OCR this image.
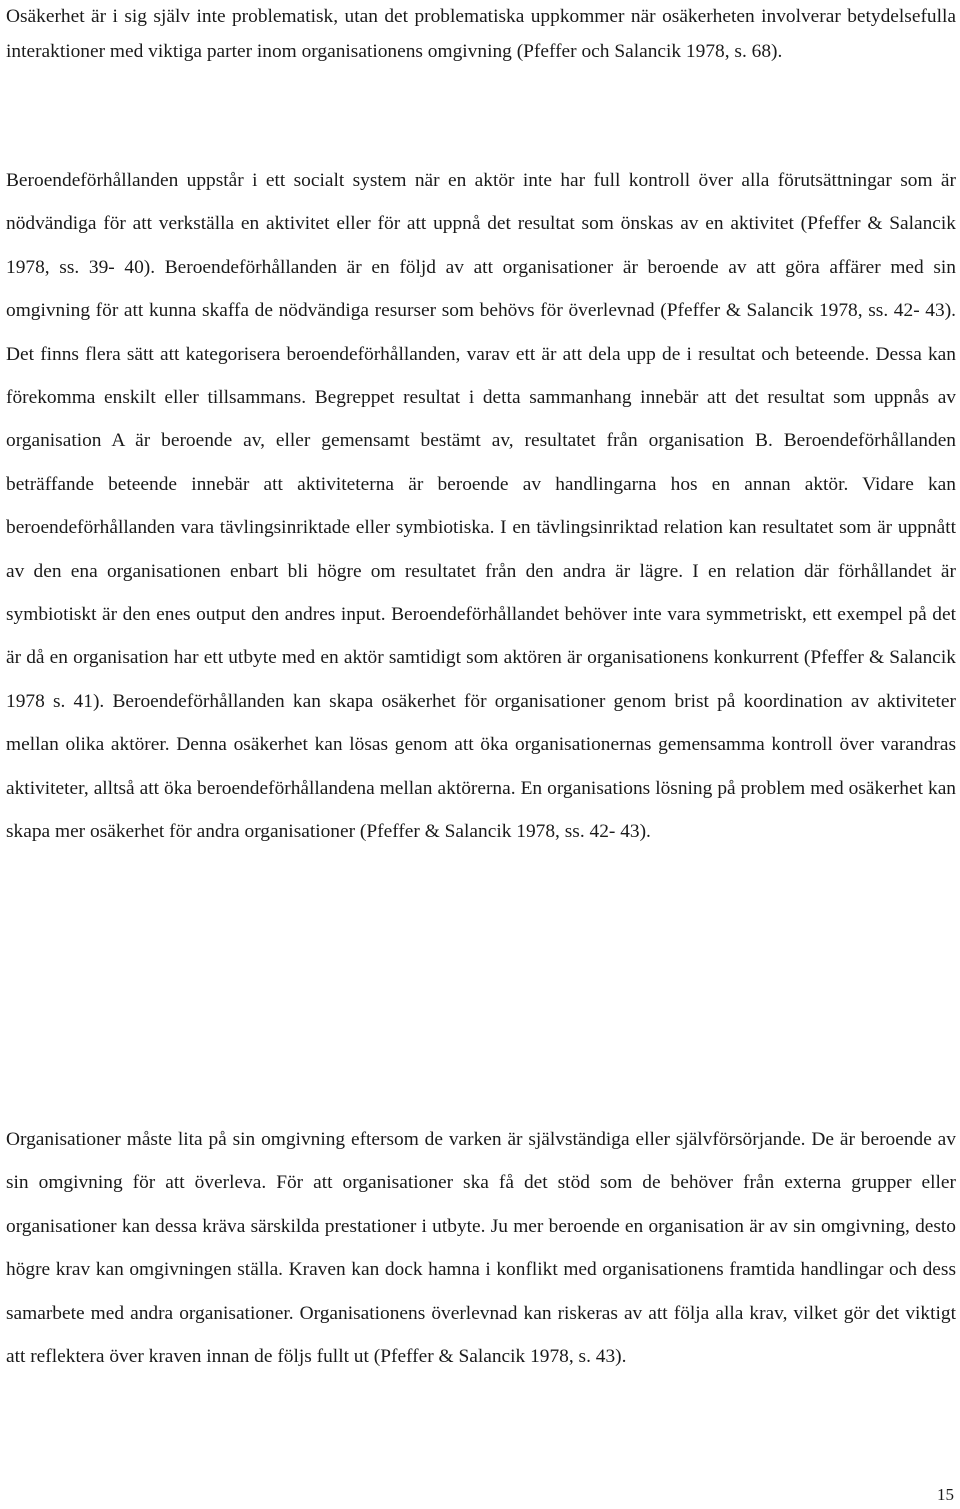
Osäkerhet är i sig själv inte problematisk, utan det problematiska uppkommer när osäkerheten involverar betydelsefulla interaktioner med viktiga parter inom organisationens omgivning (Pfeffer och Salancik 1978, s. 68).

Beroendeförhållanden uppstår i ett socialt system när en aktör inte har full kontroll över alla förutsättningar som är nödvändiga för att verkställa en aktivitet eller för att uppnå det resultat som önskas av en aktivitet (Pfeffer & Salancik 1978, ss. 39- 40). Beroendeförhållanden är en följd av att organisationer är beroende av att göra affärer med sin omgivning för att kunna skaffa de nödvändiga resurser som behövs för överlevnad (Pfeffer & Salancik 1978, ss. 42- 43). Det finns flera sätt att kategorisera beroendeförhållanden, varav ett är att dela upp de i resultat och beteende. Dessa kan förekomma enskilt eller tillsammans. Begreppet resultat i detta sammanhang innebär att det resultat som uppnås av organisation A är beroende av, eller gemensamt bestämt av, resultatet från organisation B. Beroendeförhållanden beträffande beteende innebär att aktiviteterna är beroende av handlingarna hos en annan aktör. Vidare kan beroendeförhållanden vara tävlingsinriktade eller symbiotiska. I en tävlingsinriktad relation kan resultatet som är uppnått av den ena organisationen enbart bli högre om resultatet från den andra är lägre. I en relation där förhållandet är symbiotiskt är den enes output den andres input. Beroendeförhållandet behöver inte vara symmetriskt, ett exempel på det är då en organisation har ett utbyte med en aktör samtidigt som aktören är organisationens konkurrent (Pfeffer & Salancik 1978 s. 41). Beroendeförhållanden kan skapa osäkerhet för organisationer genom brist på koordination av aktiviteter mellan olika aktörer. Denna osäkerhet kan lösas genom att öka organisationernas gemensamma kontroll över varandras aktiviteter, alltså att öka beroendeförhållandena mellan aktörerna. En organisations lösning på problem med osäkerhet kan skapa mer osäkerhet för andra organisationer (Pfeffer & Salancik 1978, ss. 42- 43).

Organisationer måste lita på sin omgivning eftersom de varken är självständiga eller självförsörjande. De är beroende av sin omgivning för att överleva. För att organisationer ska få det stöd som de behöver från externa grupper eller organisationer kan dessa kräva särskilda prestationer i utbyte. Ju mer beroende en organisation är av sin omgivning, desto högre krav kan omgivningen ställa. Kraven kan dock hamna i konflikt med organisationens framtida handlingar och dess samarbete med andra organisationer. Organisationens överlevnad kan riskeras av att följa alla krav, vilket gör det viktigt att reflektera över kraven innan de följs fullt ut (Pfeffer & Salancik 1978, s. 43).

15
